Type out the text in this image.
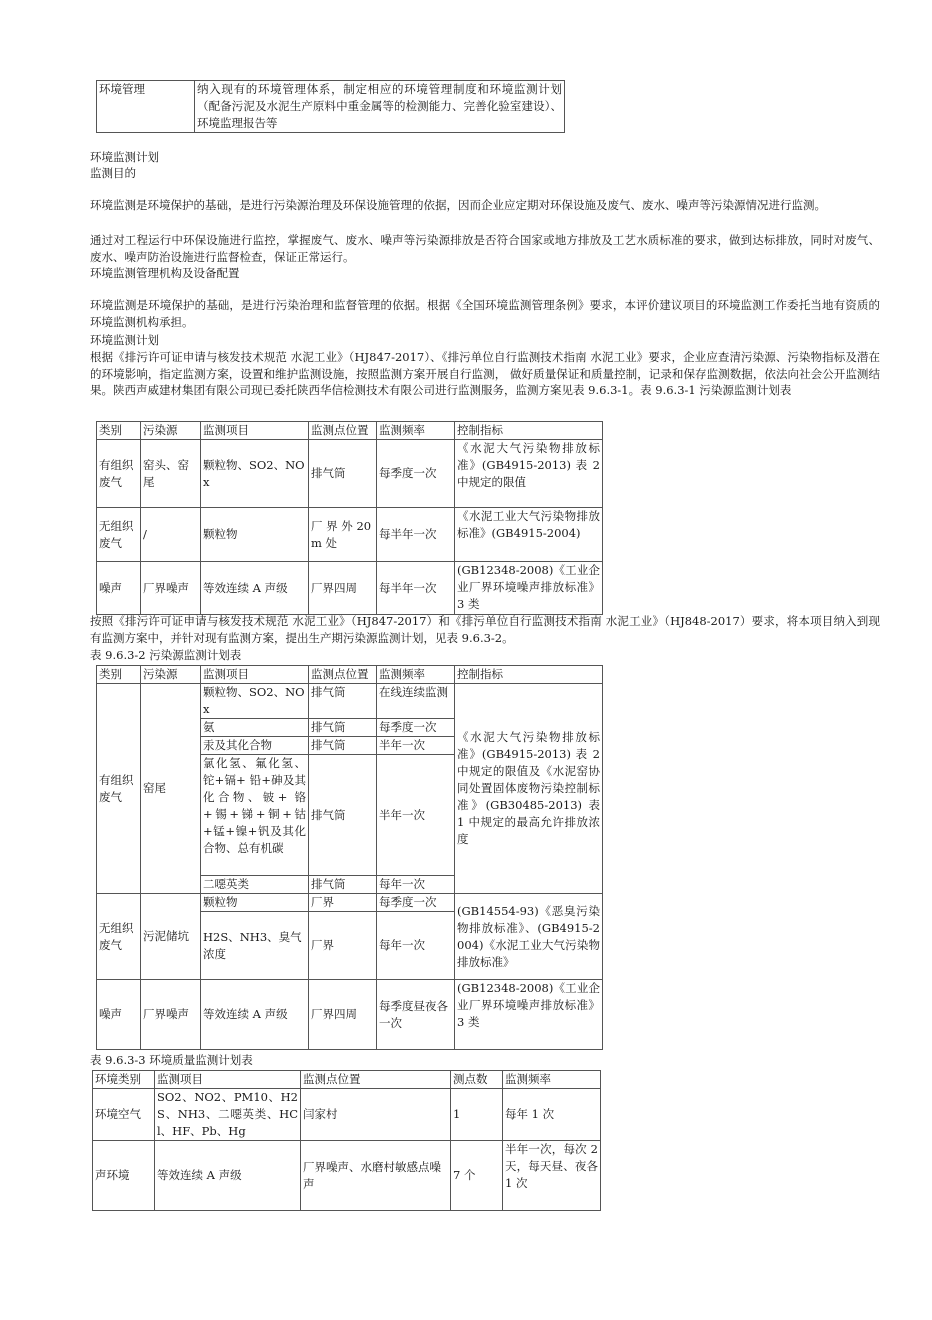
环境管理	纳入现有的环境管理体系，制定相应的环境管理制度和环境监测计划（配备污泥及水泥生产原料中重金属等的检测能力、完善化验室建设）、环境监理报告等
环境监测计划
监测目的
环境监测是环境保护的基础，是进行污染源治理及环保设施管理的依据，因而企业应定期对环保设施及废气、废水、噪声等污染源情况进行监测。
通过对工程运行中环保设施进行监控，掌握废气、废水、噪声等污染源排放是否符合国家或地方排放及工艺水质标准的要求，做到达标排放，同时对废气、废水、噪声防治设施进行监督检查，保证正常运行。
环境监测管理机构及设备配置
环境监测是环境保护的基础，是进行污染治理和监督管理的依据。根据《全国环境监测管理条例》要求，本评价建议项目的环境监测工作委托当地有资质的环境监测机构承担。
环境监测计划
根据《排污许可证申请与核发技术规范 水泥工业》（HJ847-2017）、《排污单位自行监测技术指南 水泥工业》要求，企业应查清污染源、污染物指标及潜在的环境影响，指定监测方案，设置和维护监测设施，按照监测方案开展自行监测， 做好质量保证和质量控制，记录和保存监测数据，依法向社会公开监测结果。陕西声威建材集团有限公司现已委托陕西华信检测技术有限公司进行监测服务，监测方案见表 9.6.3-1。表 9.6.3-1 污染源监测计划表
类别	污染源	监测项目	监测点位置	监测频率	控制指标
有组织废气	窑头、窑尾	颗粒物、SO2、NOx	排气筒	每季度一次	《水泥大气污染物排放标准》(GB4915-2013) 表 2 中规定的限值
无组织废气	/	颗粒物	厂 界 外 20m 处	每半年一次	《水泥工业大气污染物排放标准》(GB4915-2004)
噪声	厂界噪声	等效连续 A 声级	厂界四周	每半年一次	(GB12348-2008)《工业企业厂界环境噪声排放标准》3 类
按照《排污许可证申请与核发技术规范 水泥工业》（HJ847-2017）和《排污单位自行监测技术指南 水泥工业》（HJ848-2017）要求，将本项目纳入到现有监测方案中，并针对现有监测方案，提出生产期污染源监测计划，见表 9.6.3-2。
表 9.6.3-2 污染源监测计划表
类别	污染源	监测项目	监测点位置	监测频率	控制指标
有组织废气	窑尾	颗粒物、SO2、NOx	排气筒	在线连续监测	《水泥大气污染物排放标准》(GB4915-2013) 表 2 中规定的限值及《水泥窑协同处置固体废物污染控制标准》(GB30485-2013) 表 1 中规定的最高允许排放浓度
		氨	排气筒	每季度一次	
		汞及其化合物	排气筒	半年一次	
		氯化氢、氟化氢、铊+镉+ 铅+砷及其化合物、铍+ 铬+锡+锑+铜+钴+锰+镍+钒及其化合物、总有机碳	排气筒	半年一次	
		二噁英类	排气筒	每年一次	
无组织废气	污泥储坑	颗粒物	厂界	每季度一次	(GB14554-93)《恶臭污染物排放标准》、(GB4915-2004)《水泥工业大气污染物排放标准》
		H2S、NH3、臭气浓度	厂界	每年一次	
噪声	厂界噪声	等效连续 A 声级	厂界四周	每季度昼夜各一次	(GB12348-2008)《工业企业厂界环境噪声排放标准》3 类
表 9.6.3-3 环境质量监测计划表
环境类别	监测项目	监测点位置	测点数	监测频率
环境空气	SO2、NO2、PM10、H2S、NH3、二噁英类、HCl、HF、Pb、Hg	闫家村	1	每年 1 次
声环境	等效连续 A 声级	厂界噪声、水磨村敏感点噪声	7 个	半年一次，每次 2 天，每天昼、夜各 1 次
